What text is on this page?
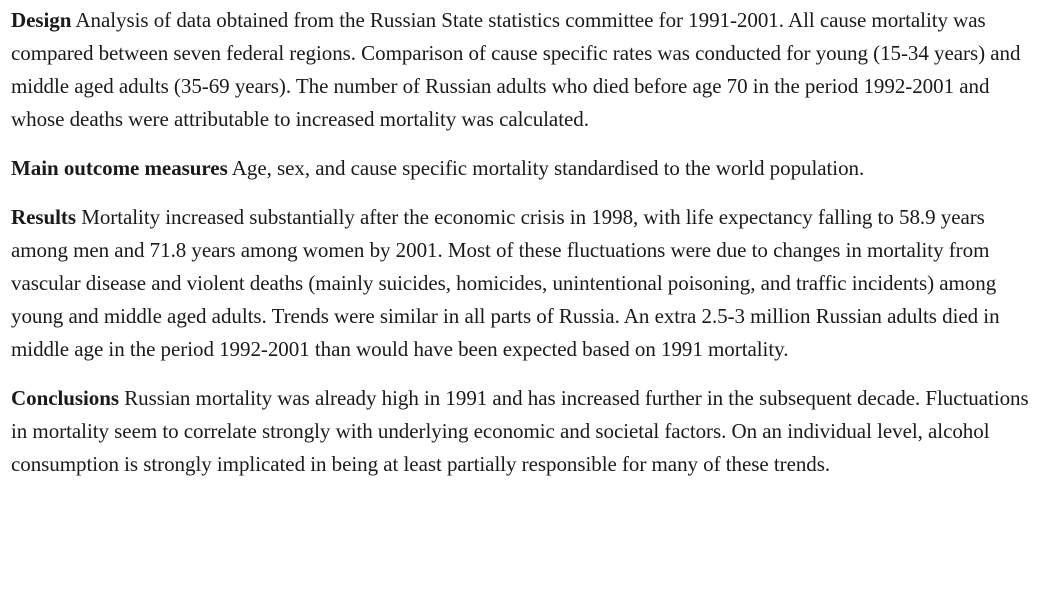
Design Analysis of data obtained from the Russian State statistics committee for 1991-2001. All cause mortality was compared between seven federal regions. Comparison of cause specific rates was conducted for young (15-34 years) and middle aged adults (35-69 years). The number of Russian adults who died before age 70 in the period 1992-2001 and whose deaths were attributable to increased mortality was calculated.

Main outcome measures Age, sex, and cause specific mortality standardised to the world population.

Results Mortality increased substantially after the economic crisis in 1998, with life expectancy falling to 58.9 years among men and 71.8 years among women by 2001. Most of these fluctuations were due to changes in mortality from vascular disease and violent deaths (mainly suicides, homicides, unintentional poisoning, and traffic incidents) among young and middle aged adults. Trends were similar in all parts of Russia. An extra 2.5-3 million Russian adults died in middle age in the period 1992-2001 than would have been expected based on 1991 mortality.

Conclusions Russian mortality was already high in 1991 and has increased further in the subsequent decade. Fluctuations in mortality seem to correlate strongly with underlying economic and societal factors. On an individual level, alcohol consumption is strongly implicated in being at least partially responsible for many of these trends.
